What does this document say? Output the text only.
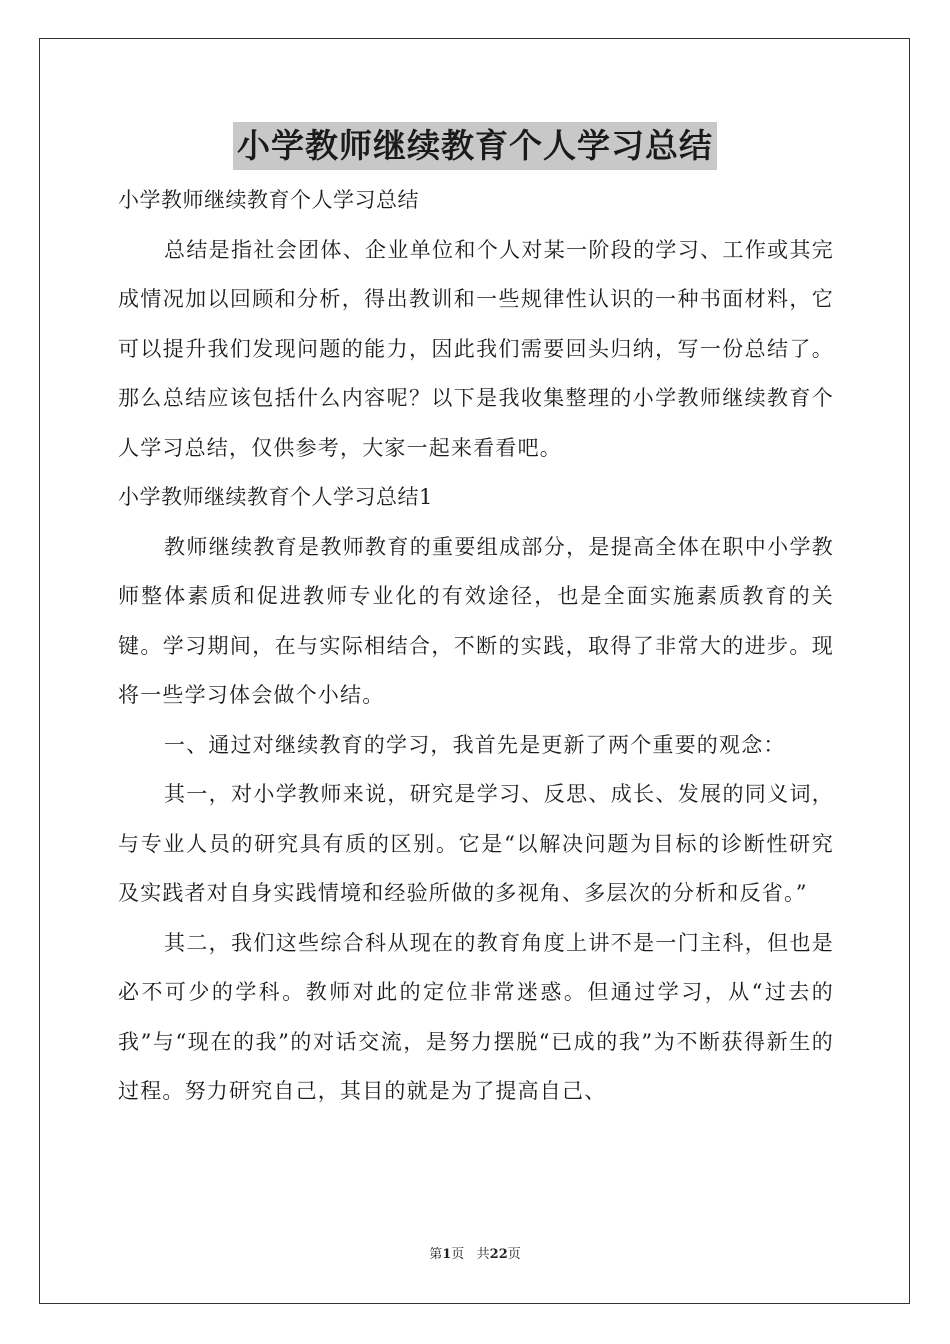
小学教师继续教育个人学习总结

小学教师继续教育个人学习总结

总结是指社会团体、企业单位和个人对某一阶段的学习、工作或其完成情况加以回顾和分析，得出教训和一些规律性认识的一种书面材料，它可以提升我们发现问题的能力，因此我们需要回头归纳，写一份总结了。那么总结应该包括什么内容呢？以下是我收集整理的小学教师继续教育个人学习总结，仅供参考，大家一起来看看吧。

小学教师继续教育个人学习总结1

教师继续教育是教师教育的重要组成部分，是提高全体在职中小学教师整体素质和促进教师专业化的有效途径，也是全面实施素质教育的关键。学习期间，在与实际相结合，不断的实践，取得了非常大的进步。现将一些学习体会做个小结。

一、通过对继续教育的学习，我首先是更新了两个重要的观念：

其一，对小学教师来说，研究是学习、反思、成长、发展的同义词，与专业人员的研究具有质的区别。它是“以解决问题为目标的诊断性研究及实践者对自身实践情境和经验所做的多视角、多层次的分析和反省。”

其二，我们这些综合科从现在的教育角度上讲不是一门主科，但也是必不可少的学科。教师对此的定位非常迷惑。但通过学习，从“过去的我”与“现在的我”的对话交流，是努力摆脱“已成的我”为不断获得新生的过程。努力研究自己，其目的就是为了提高自己、

第1页   共22页
